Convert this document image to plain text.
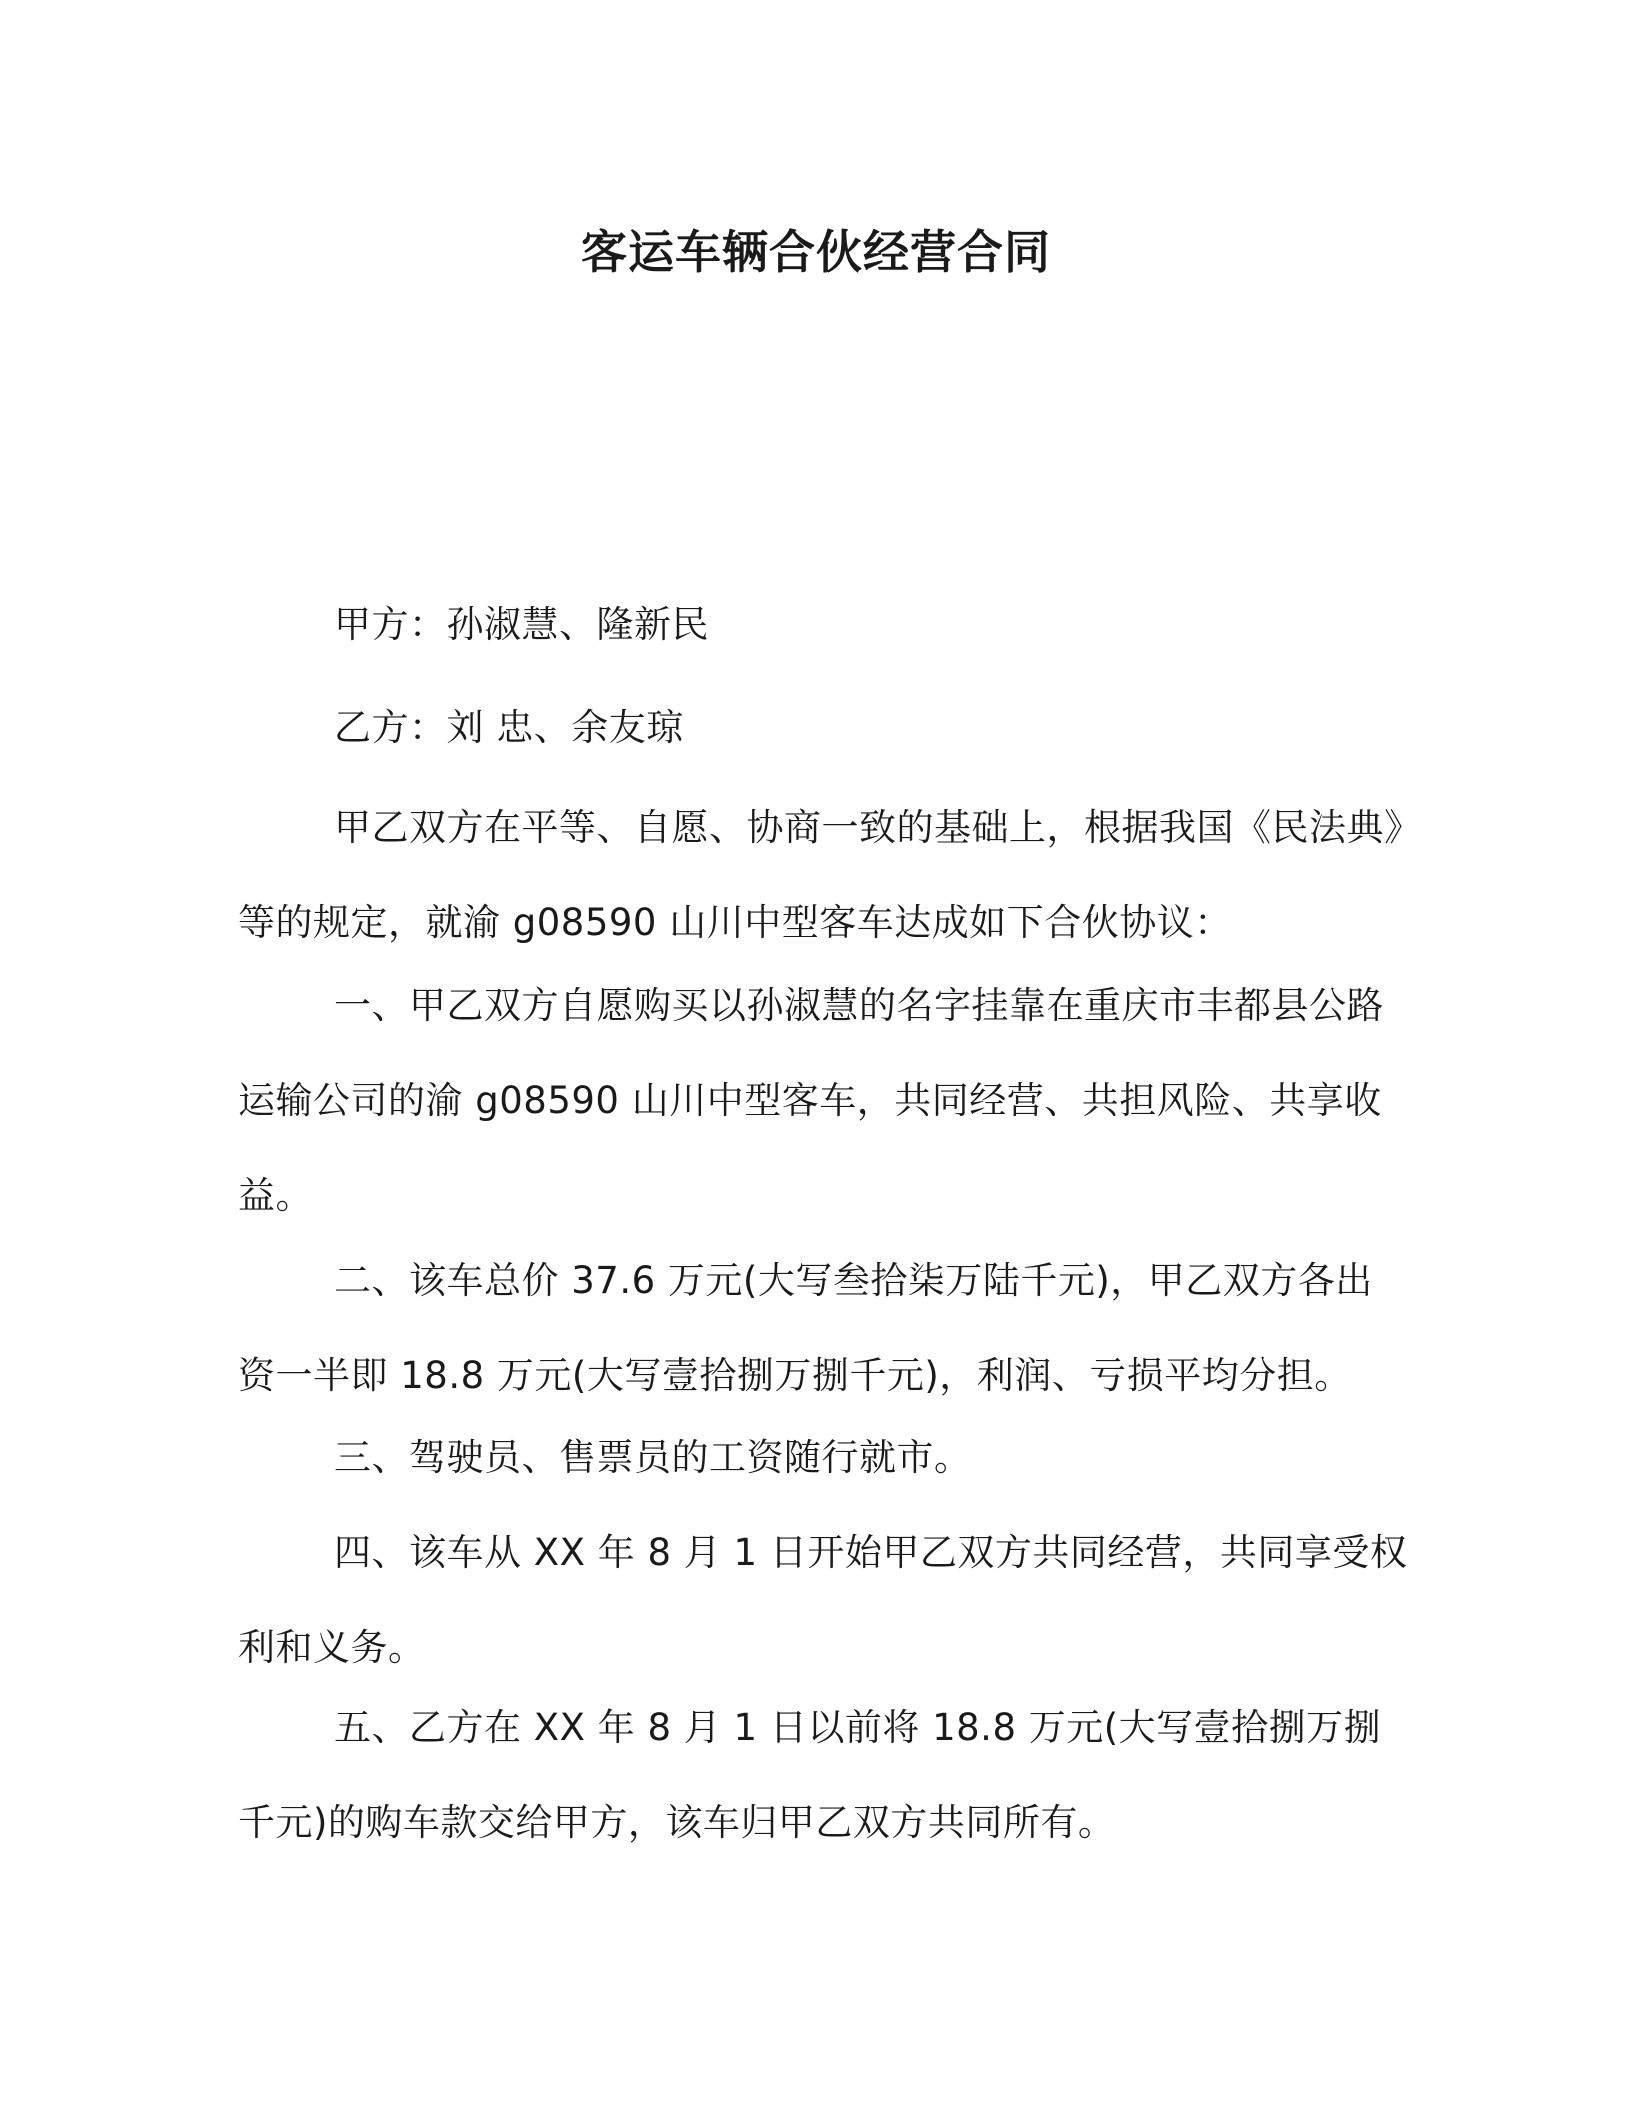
客运车辆合伙经营合同

甲方：孙淑慧、隆新民

乙方：刘 忠、余友琼

甲乙双方在平等、自愿、协商一致的基础上，根据我国《民法典》等的规定，就渝 g08590 山川中型客车达成如下合伙协议：

一、甲乙双方自愿购买以孙淑慧的名字挂靠在重庆市丰都县公路运输公司的渝 g08590 山川中型客车，共同经营、共担风险、共享收益。

二、该车总价 37.6 万元(大写叁拾柒万陆千元)，甲乙双方各出资一半即 18.8 万元(大写壹拾捌万捌千元)，利润、亏损平均分担。

三、驾驶员、售票员的工资随行就市。

四、该车从 XX 年 8 月 1 日开始甲乙双方共同经营，共同享受权利和义务。

五、乙方在 XX 年 8 月 1 日以前将 18.8 万元(大写壹拾捌万捌千元)的购车款交给甲方，该车归甲乙双方共同所有。
